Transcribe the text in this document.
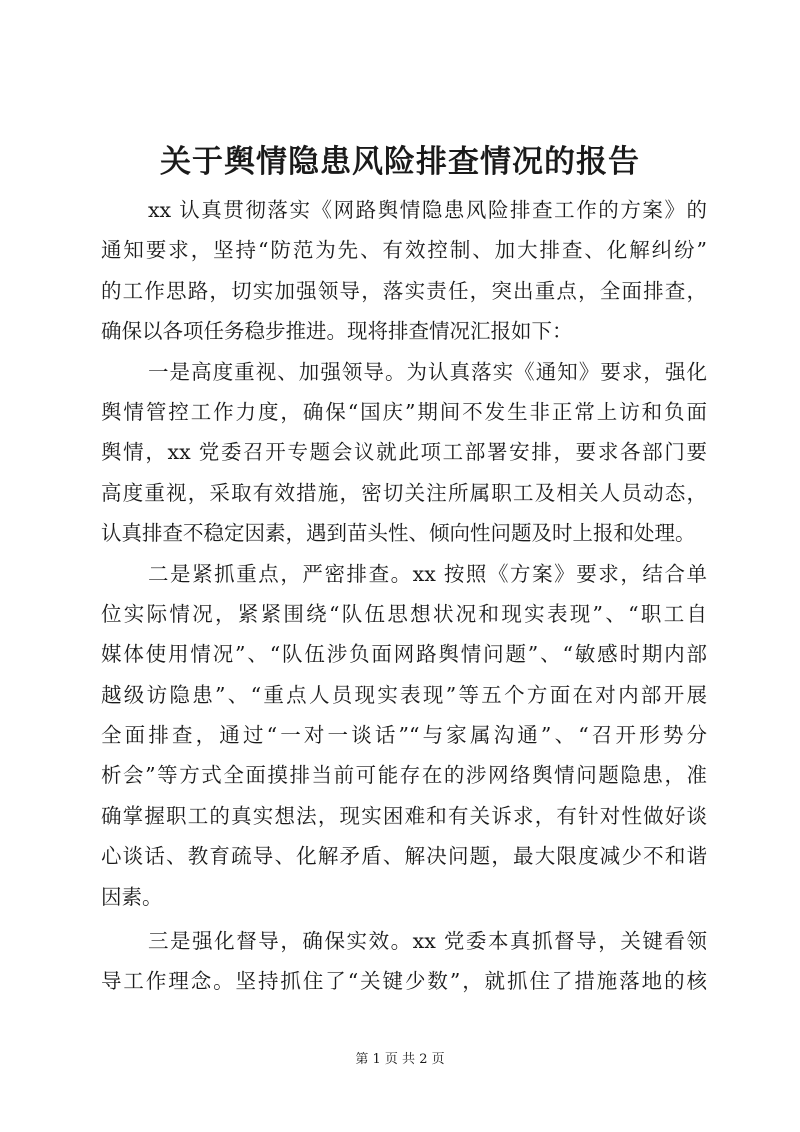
关于舆情隐患风险排查情况的报告
xx 认真贯彻落实《网路舆情隐患风险排查工作的方案》的
通知要求，坚持“防范为先、有效控制、加大排查、化解纠纷”
的工作思路，切实加强领导，落实责任，突出重点，全面排查，
确保以各项任务稳步推进。现将排查情况汇报如下：
一是高度重视、加强领导。为认真落实《通知》要求，强化
舆情管控工作力度，确保“国庆”期间不发生非正常上访和负面
舆情，xx 党委召开专题会议就此项工部署安排，要求各部门要
高度重视，采取有效措施，密切关注所属职工及相关人员动态，
认真排查不稳定因素，遇到苗头性、倾向性问题及时上报和处理。
二是紧抓重点，严密排查。xx 按照《方案》要求，结合单
位实际情况，紧紧围绕“队伍思想状况和现实表现”、“职工自
媒体使用情况”、“队伍涉负面网路舆情问题”、“敏感时期内部
越级访隐患”、“重点人员现实表现”等五个方面在对内部开展
全面排查，通过“一对一谈话”“与家属沟通”、“召开形势分
析会”等方式全面摸排当前可能存在的涉网络舆情问题隐患，准
确掌握职工的真实想法，现实困难和有关诉求，有针对性做好谈
心谈话、教育疏导、化解矛盾、解决问题，最大限度减少不和谐
因素。
三是强化督导，确保实效。xx 党委本真抓督导，关键看领
导工作理念。坚持抓住了“关键少数”，就抓住了措施落地的核
第 1 页 共 2 页
